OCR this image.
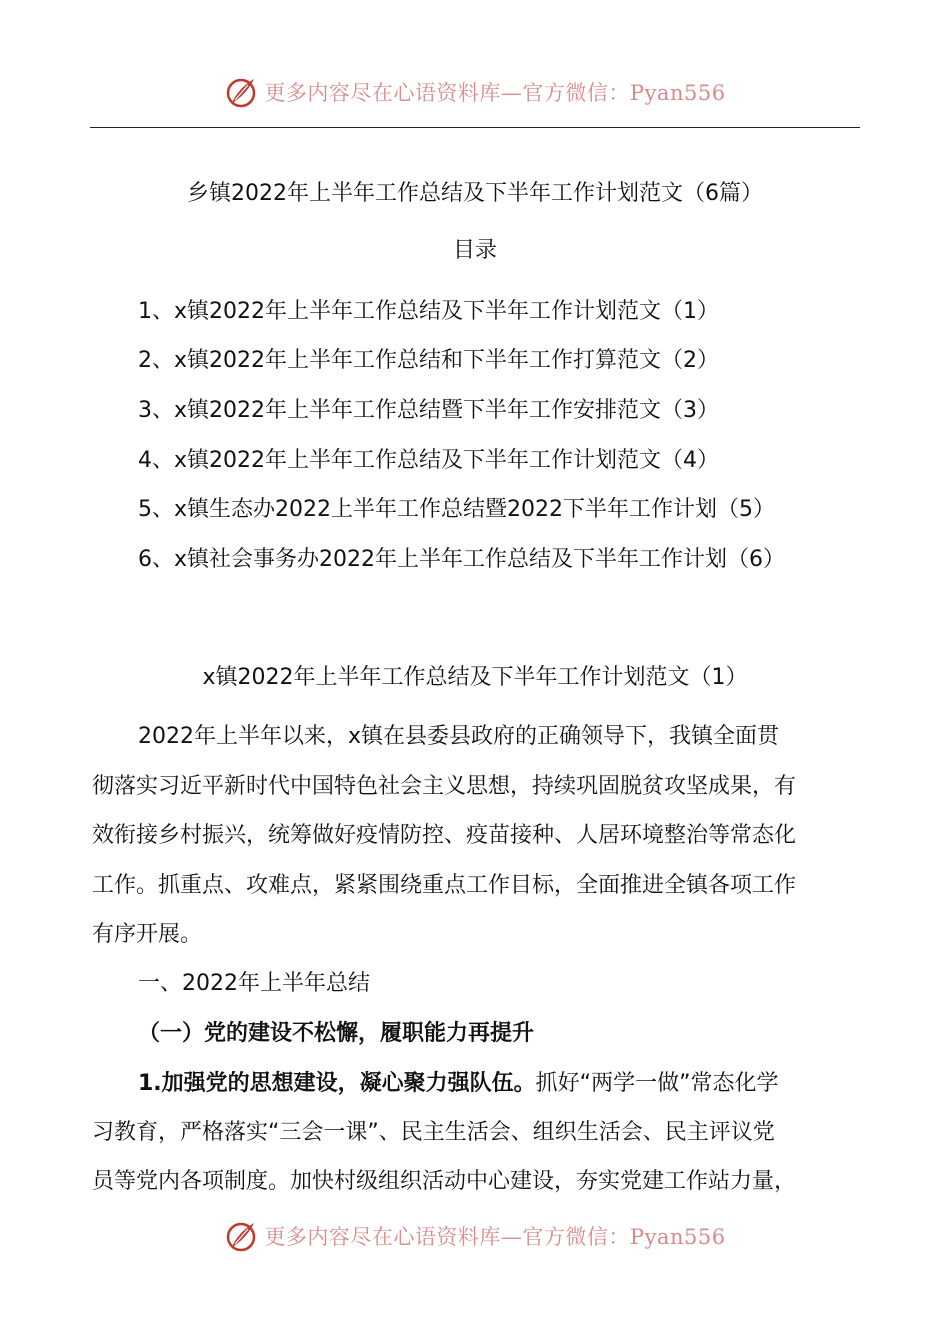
更多内容尽在心语资料库—官方微信：Pyan556
乡镇2022年上半年工作总结及下半年工作计划范文（6篇）
目录
1、x镇2022年上半年工作总结及下半年工作计划范文（1）
2、x镇2022年上半年工作总结和下半年工作打算范文（2）
3、x镇2022年上半年工作总结暨下半年工作安排范文（3）
4、x镇2022年上半年工作总结及下半年工作计划范文（4）
5、x镇生态办2022上半年工作总结暨2022下半年工作计划（5）
6、x镇社会事务办2022年上半年工作总结及下半年工作计划（6）
x镇2022年上半年工作总结及下半年工作计划范文（1）
2022年上半年以来，x镇在县委县政府的正确领导下，我镇全面贯
彻落实习近平新时代中国特色社会主义思想，持续巩固脱贫攻坚成果，有
效衔接乡村振兴，统筹做好疫情防控、疫苗接种、人居环境整治等常态化
工作。抓重点、攻难点，紧紧围绕重点工作目标，全面推进全镇各项工作
有序开展。
一、2022年上半年总结
（一）党的建设不松懈，履职能力再提升
1.加强党的思想建设，凝心聚力强队伍。抓好“两学一做”常态化学
习教育，严格落实“三会一课”、民主生活会、组织生活会、民主评议党
员等党内各项制度。加快村级组织活动中心建设，夯实党建工作站力量，
更多内容尽在心语资料库—官方微信：Pyan556
